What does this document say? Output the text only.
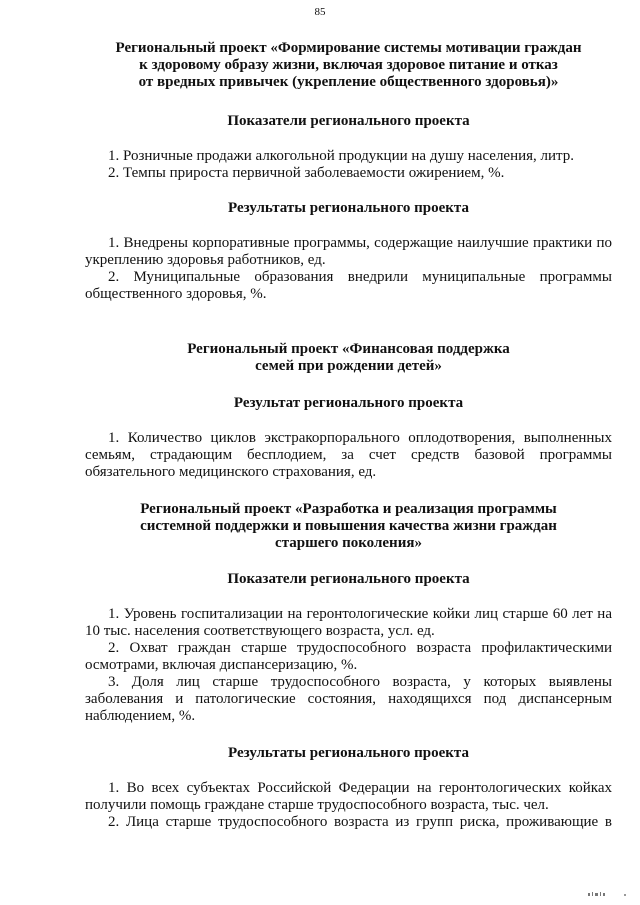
85
Региональный проект «Формирование системы мотивации граждан
к здоровому образу жизни, включая здоровое питание и отказ
от вредных привычек (укрепление общественного здоровья)»
Показатели регионального проекта

1. Розничные продажи алкогольной продукции на душу населения, литр.

2. Темпы прироста первичной заболеваемости ожирением, %.

Результаты регионального проекта

1. Внедрены корпоративные программы, содержащие наилучшие практики по укреплению здоровья работников, ед.

2. Муниципальные образования внедрили муниципальные программы общественного здоровья, %.

Региональный проект «Финансовая поддержка
семей при рождении детей»
Результат регионального проекта

1. Количество циклов экстракорпорального оплодотворения, выполненных семьям, страдающим бесплодием, за счет средств базовой программы обязательного медицинского страхования, ед.

Региональный проект «Разработка и реализация программы
системной поддержки и повышения качества жизни граждан
старшего поколения»
Показатели регионального проекта

1. Уровень госпитализации на геронтологические койки лиц старше 60 лет на 10 тыс. населения соответствующего возраста, усл. ед.

2. Охват граждан старше трудоспособного возраста профилактическими осмотрами, включая диспансеризацию, %.

3. Доля лиц старше трудоспособного возраста, у которых выявлены заболевания и патологические состояния, находящихся под диспансерным наблюдением, %.

Результаты регионального проекта

1. Во всех субъектах Российской Федерации на геронтологических койках получили помощь граждане старше трудоспособного возраста, тыс. чел.

2. Лица старше трудоспособного возраста из групп риска, проживающие в
